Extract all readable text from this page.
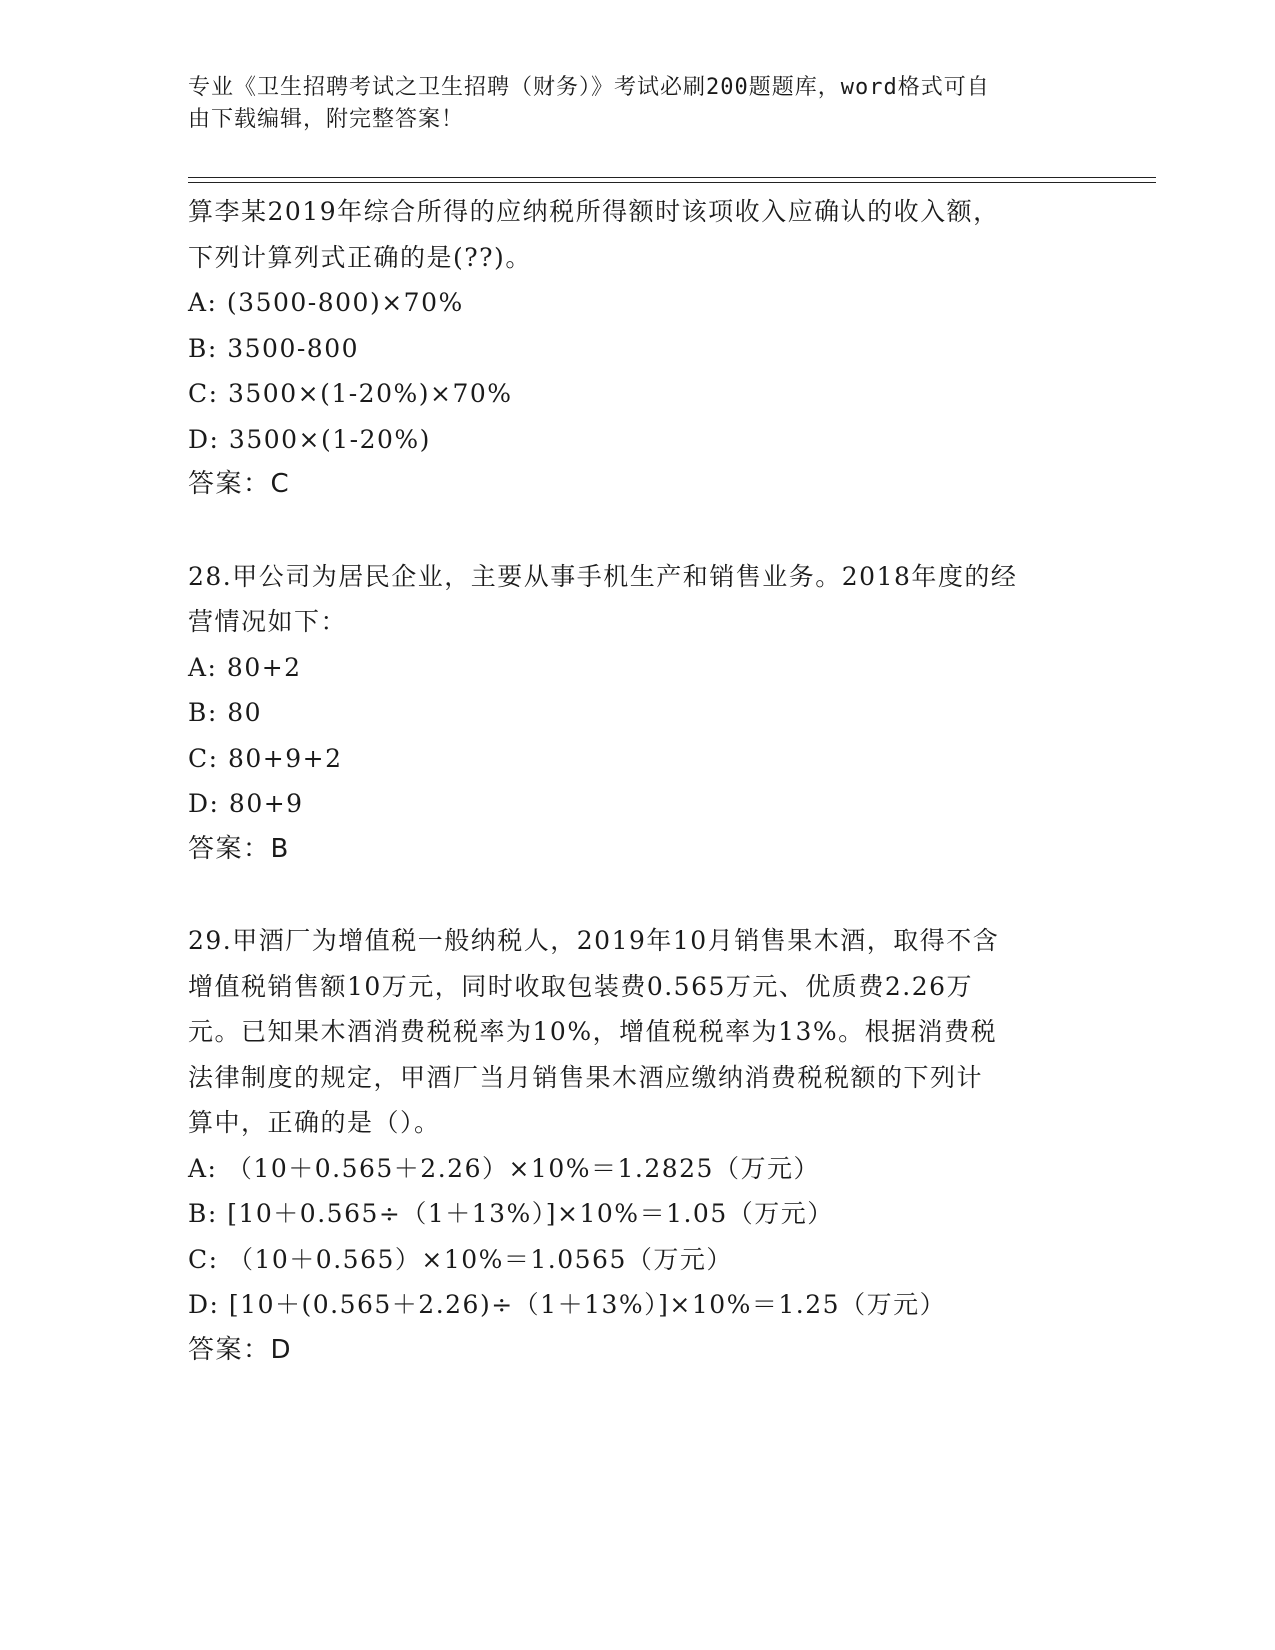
专业《卫生招聘考试之卫生招聘（财务）》考试必刷200题题库，word格式可自
由下载编辑，附完整答案！
算李某2019年综合所得的应纳税所得额时该项收入应确认的收入额，
下列计算列式正确的是(??)。
A: (3500-800)×70%
B: 3500-800
C: 3500×(1-20%)×70%
D: 3500×(1-20%)
答案：C
28.甲公司为居民企业，主要从事手机生产和销售业务。2018年度的经
营情况如下：
A: 80+2
B: 80
C: 80+9+2
D: 80+9
答案：B
29.甲酒厂为增值税一般纳税人，2019年10月销售果木酒，取得不含
增值税销售额10万元，同时收取包装费0.565万元、优质费2.26万
元。已知果木酒消费税税率为10%，增值税税率为13%。根据消费税
法律制度的规定，甲酒厂当月销售果木酒应缴纳消费税税额的下列计
算中，正确的是（）。
A: （10＋0.565＋2.26）×10%＝1.2825（万元）
B: [10＋0.565÷（1＋13%）]×10%＝1.05（万元）
C: （10＋0.565）×10%＝1.0565（万元）
D: [10＋(0.565＋2.26)÷（1＋13%）]×10%＝1.25（万元）
答案：D
